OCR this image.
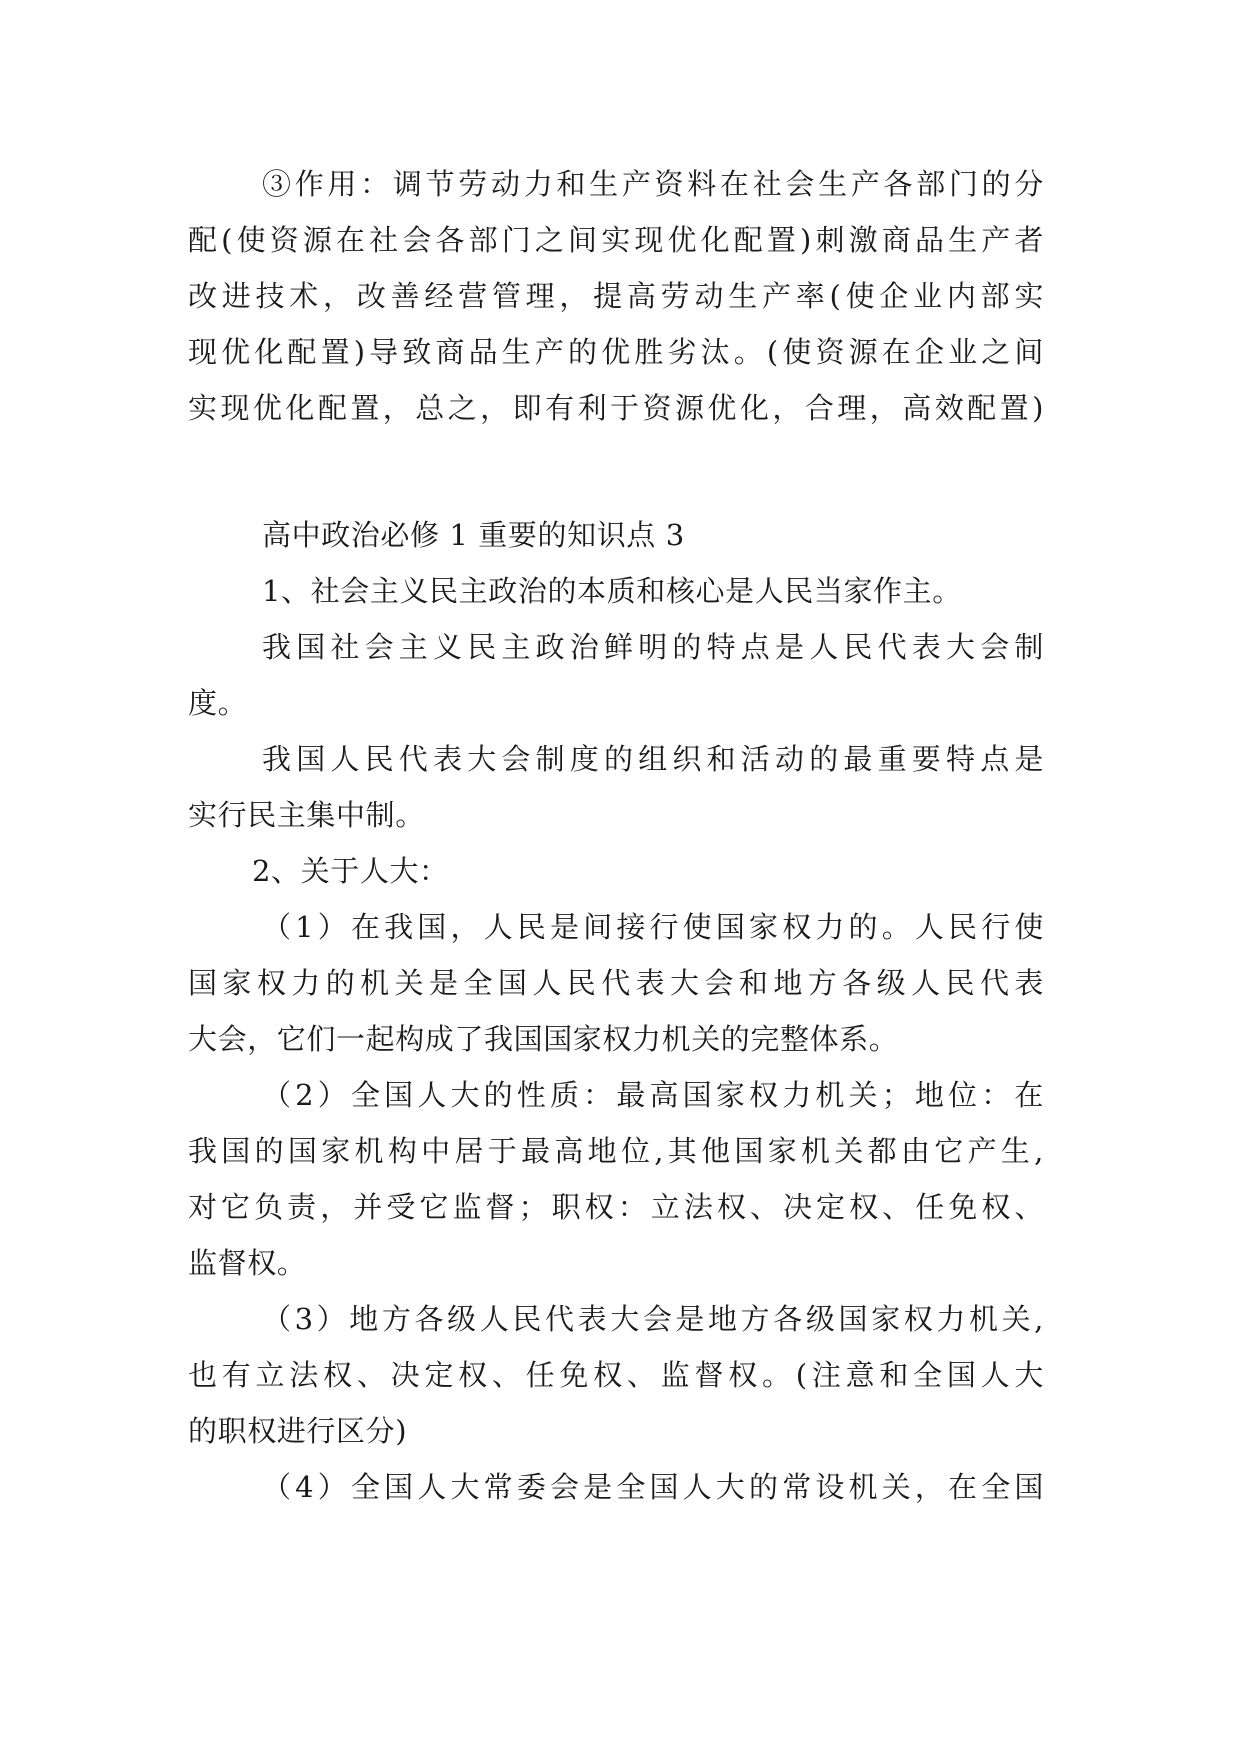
③作用：调节劳动力和生产资料在社会生产各部门的分
配(使资源在社会各部门之间实现优化配置)刺激商品生产者
改进技术，改善经营管理，提高劳动生产率(使企业内部实
现优化配置)导致商品生产的优胜劣汰。(使资源在企业之间
实现优化配置，总之，即有利于资源优化，合理，高效配置)
高中政治必修 1 重要的知识点 3
1、社会主义民主政治的本质和核心是人民当家作主。
我国社会主义民主政治鲜明的特点是人民代表大会制
度。
我国人民代表大会制度的组织和活动的最重要特点是
实行民主集中制。
2、关于人大：
（1）在我国，人民是间接行使国家权力的。人民行使
国家权力的机关是全国人民代表大会和地方各级人民代表
大会，它们一起构成了我国国家权力机关的完整体系。
（2）全国人大的性质：最高国家权力机关；地位：在
我国的国家机构中居于最高地位,其他国家机关都由它产生,
对它负责，并受它监督；职权：立法权、决定权、任免权、
监督权。
（3）地方各级人民代表大会是地方各级国家权力机关,
也有立法权、决定权、任免权、监督权。(注意和全国人大
的职权进行区分)
（4）全国人大常委会是全国人大的常设机关，在全国
